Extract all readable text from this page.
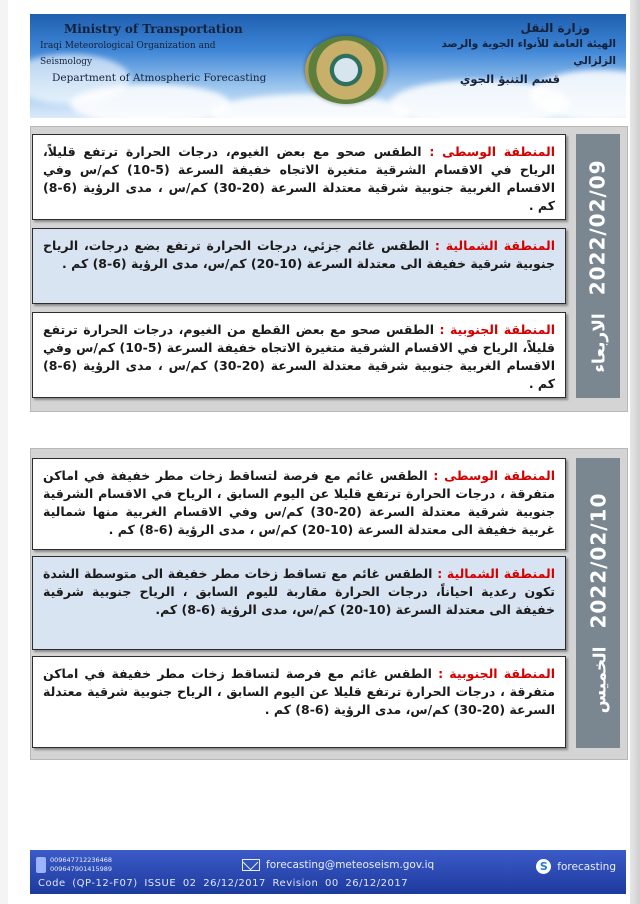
Ministry of Transportation
Iraqi Meteorological Organization and Seismology
Department of Atmospheric Forecasting
وزارة النقل
الهيئة العامة للأنواء الجوية والرصد الزلزالي
قسم التنبؤ الجوي
المنطقة الوسطى : الطقس صحو مع بعض الغيوم، درجات الحرارة ترتفع قليلاً، الرياح في الاقسام الشرقية متغيرة الاتجاه خفيفة السرعة (5-10) كم/س وفي الاقسام الغربية جنوبية شرقية معتدلة السرعة (20-30) كم/س ، مدى الرؤية (6-8) كم .
المنطقة الشمالية : الطقس غائم جزئي، درجات الحرارة ترتفع بضع درجات، الرياح جنوبية شرقية خفيفة الى معتدلة السرعة (10-20) كم/س، مدى الرؤية (6-8) كم .
المنطقة الجنوبية : الطقس صحو مع بعض القطع من الغيوم، درجات الحرارة ترتفع قليلاً، الرياح في الاقسام الشرقية متغيرة الاتجاه خفيفة السرعة (5-10) كم/س وفي الاقسام الغربية جنوبية شرقية معتدلة السرعة (20-30) كم/س ، مدى الرؤية (6-8) كم .
2022/02/09
الاربعاء
المنطقة الوسطى : الطقس غائم مع فرصة لتساقط زخات مطر خفيفة في اماكن متفرقة ، درجات الحرارة ترتفع قليلا عن اليوم السابق ، الرياح في الاقسام الشرقية جنوبية شرقية معتدلة السرعة (20-30) كم/س وفي الاقسام الغربية منها شمالية غربية خفيفة الى معتدلة السرعة (10-20) كم/س ، مدى الرؤية (6-8) كم .
المنطقة الشمالية : الطقس غائم مع تساقط زخات مطر خفيفة الى متوسطة الشدة تكون رعدية احياناً، درجات الحرارة مقاربة لليوم السابق ، الرياح جنوبية شرقية خفيفة الى معتدلة السرعة (10-20) كم/س، مدى الرؤية (6-8) كم.
المنطقة الجنوبية : الطقس غائم مع فرصة لتساقط زخات مطر خفيفة في اماكن متفرقة ، درجات الحرارة ترتفع قليلا عن اليوم السابق ، الرياح جنوبية شرقية معتدلة السرعة (20-30) كم/س، مدى الرؤية (6-8) كم .
2022/02/10
الخميس
009647712236468
009647901415989	forecasting@meteoseism.gov.iq	S forecasting
Code (QP-12-F07) ISSUE 02 26/12/2017 Revision 00 26/12/2017
